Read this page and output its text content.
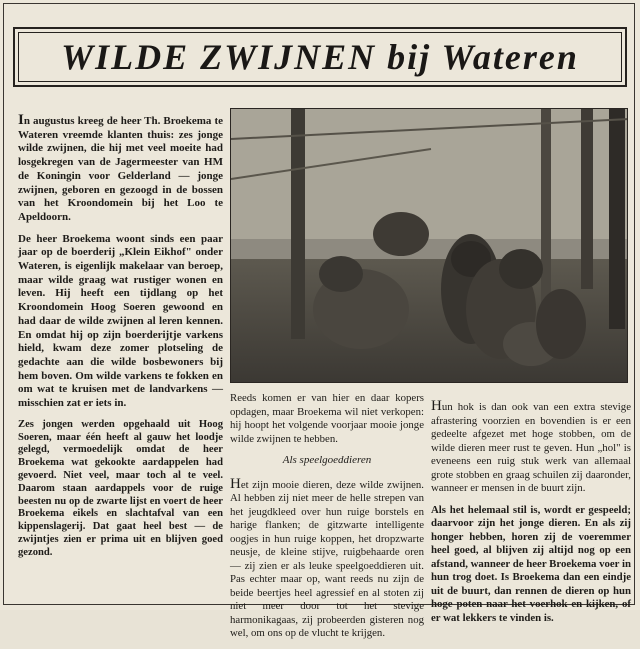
WILDE ZWIJNEN bij Wateren

In augustus kreeg de heer Th. Broekema te Wateren vreemde klanten thuis: zes jonge wilde zwijnen, die hij met veel moeite had losgekregen van de Jagermeester van HM de Koningin voor Gelderland — jonge zwijnen, geboren en gezoogd in de bossen van het Kroondomein bij het Loo te Apeldoorn.

De heer Broekema woont sinds een paar jaar op de boerderij „Klein Eikhof" onder Wateren, is eigenlijk makelaar van beroep, maar wilde graag wat rustiger wonen en leven. Hij heeft een tijdlang op het Kroondomein Hoog Soeren gewoond en had daar de wilde zwijnen al leren kennen. En omdat hij op zijn boerderijtje varkens hield, kwam deze zomer plotseling de gedachte aan die wilde bosbewoners bij hem boven. Om wilde varkens te fokken en om wat te kruisen met de landvarkens — misschien zat er iets in.

Zes jongen werden opgehaald uit Hoog Soeren, maar één heeft al gauw het loodje gelegd, vermoedelijk omdat de heer Broekema wat gekookte aardappelen had gevoerd. Niet veel, maar toch al te veel. Daarom staan aardappels voor de ruige beesten nu op de zwarte lijst en voert de heer Broekema eikels en slachtafval van een kippenslagerij. Dat gaat heel best — de zwijntjes zien er prima uit en blijven goed gezond.

Reeds komen er van hier en daar kopers opdagen, maar Broekema wil niet verkopen: hij hoopt het volgende voorjaar mooie jonge wilde zwijnen te hebben.

Als speelgoeddieren

Het zijn mooie dieren, deze wilde zwijnen. Al hebben zij niet meer de helle strepen van het jeugdkleed over hun ruige borstels en harige flanken; de gitzwarte intelligente oogjes in hun ruige koppen, het dropzwarte neusje, de kleine stijve, ruigbehaarde oren — zij zien er als leuke speelgoeddieren uit. Pas echter maar op, want reeds nu zijn de beide beertjes heel agressief en al stoten zij niet meer door tot het stevige harmonikagaas, zij probeerden gisteren nog wel, om ons op de vlucht te krijgen.

Hun hok is dan ook van een extra stevige afrastering voorzien en bovendien is er een gedeelte afgezet met hoge stobben, om de wilde dieren meer rust te geven. Hun „hol" is eveneens een ruig stuk werk van allemaal grote stobben en graag schuilen zij daaronder, wanneer er mensen in de buurt zijn.

Als het helemaal stil is, wordt er gespeeld; daarvoor zijn het jonge dieren. En als zij honger hebben, horen zij de voeremmer heel goed, al blijven zij altijd nog op een afstand, wanneer de heer Broekema voer in hun trog doet. Is Broekema dan een eindje uit de buurt, dan rennen de dieren op hun hoge poten naar het voerhok en kijken, of er wat lekkers te vinden is.
